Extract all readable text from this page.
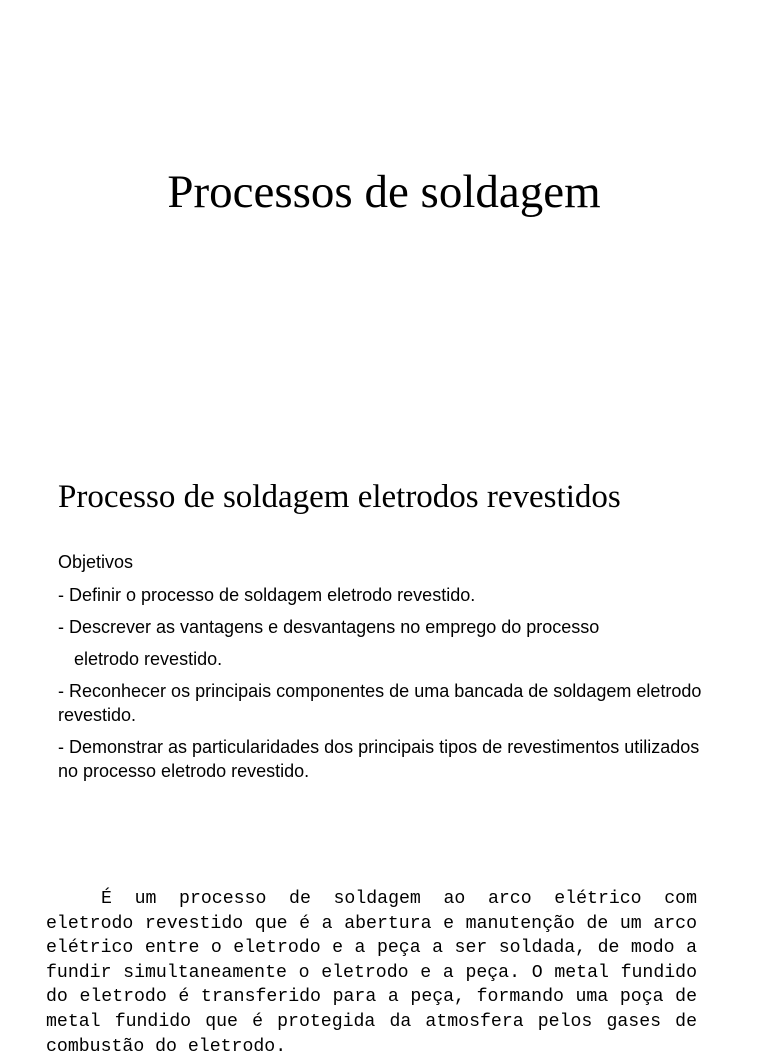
Processos de soldagem
Processo de soldagem eletrodos revestidos

Objetivos

- Definir o processo de soldagem eletrodo revestido.
- Descrever as vantagens e desvantagens no emprego do processo
eletrodo revestido.
- Reconhecer os principais componentes de uma bancada de soldagem eletrodo revestido.
- Demonstrar as particularidades dos principais tipos de revestimentos utilizados no processo eletrodo revestido.

É um processo de soldagem ao arco elétrico com eletrodo revestido que é a abertura e manutenção de um arco elétrico entre o eletrodo e a peça a ser soldada, de modo a fundir simultaneamente o eletrodo e a peça. O metal fundido do eletrodo é transferido para a peça, formando uma poça de metal fundido que é protegida da atmosfera pelos gases de combustão do eletrodo.
